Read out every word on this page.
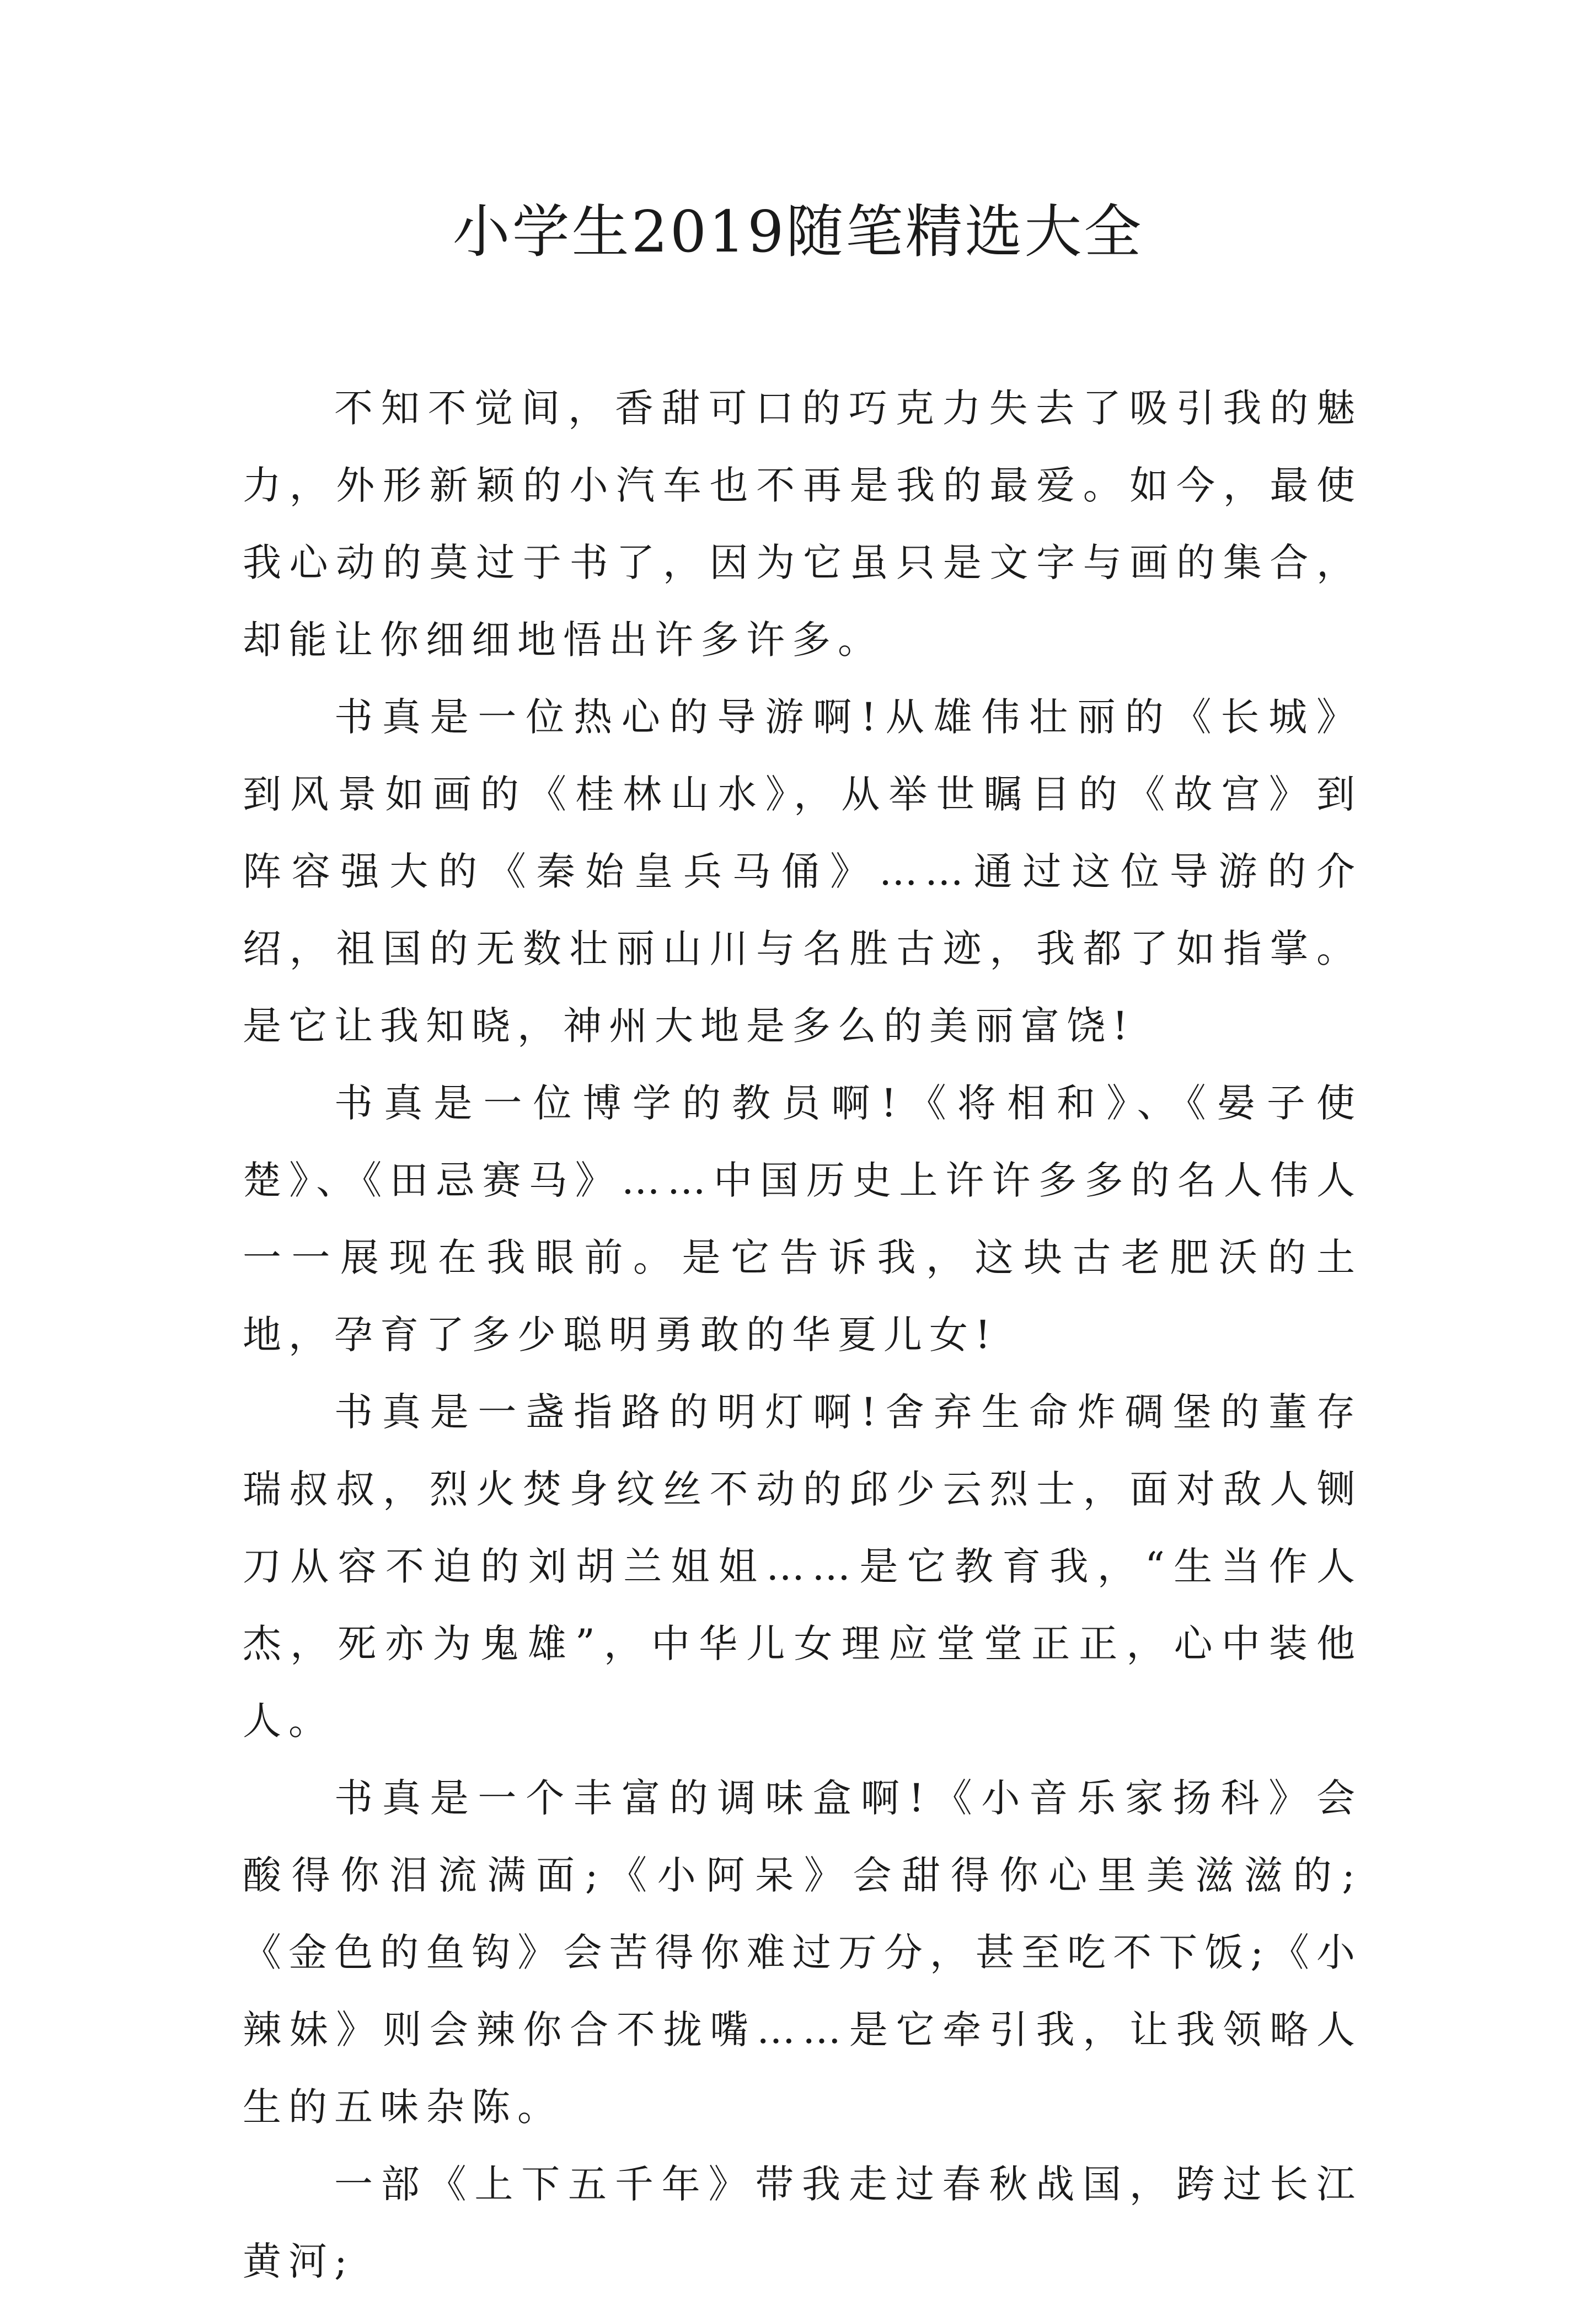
小学生2019随笔精选大全

不知不觉间，香甜可口的巧克力失去了吸引我的魅力，外形新颖的小汽车也不再是我的最爱。如今，最使我心动的莫过于书了，因为它虽只是文字与画的集合，却能让你细细地悟出许多许多。

书真是一位热心的导游啊!从雄伟壮丽的《长城》到风景如画的《桂林山水》，从举世瞩目的《故宫》到阵容强大的《秦始皇兵马俑》……通过这位导游的介绍，祖国的无数壮丽山川与名胜古迹，我都了如指掌。是它让我知晓，神州大地是多么的美丽富饶!

书真是一位博学的教员啊!《将相和》、《晏子使楚》、《田忌赛马》……中国历史上许许多多的名人伟人一一展现在我眼前。是它告诉我，这块古老肥沃的土地，孕育了多少聪明勇敢的华夏儿女!

书真是一盏指路的明灯啊!舍弃生命炸碉堡的董存瑞叔叔，烈火焚身纹丝不动的邱少云烈士，面对敌人铡刀从容不迫的刘胡兰姐姐……是它教育我，“生当作人杰，死亦为鬼雄”，中华儿女理应堂堂正正，心中装他人。

书真是一个丰富的调味盒啊!《小音乐家扬科》会酸得你泪流满面;《小阿呆》会甜得你心里美滋滋的;《金色的鱼钩》会苦得你难过万分，甚至吃不下饭;《小辣妹》则会辣你合不拢嘴……是它牵引我，让我领略人生的五味杂陈。

一部《上下五千年》带我走过春秋战国，跨过长江黄河;
